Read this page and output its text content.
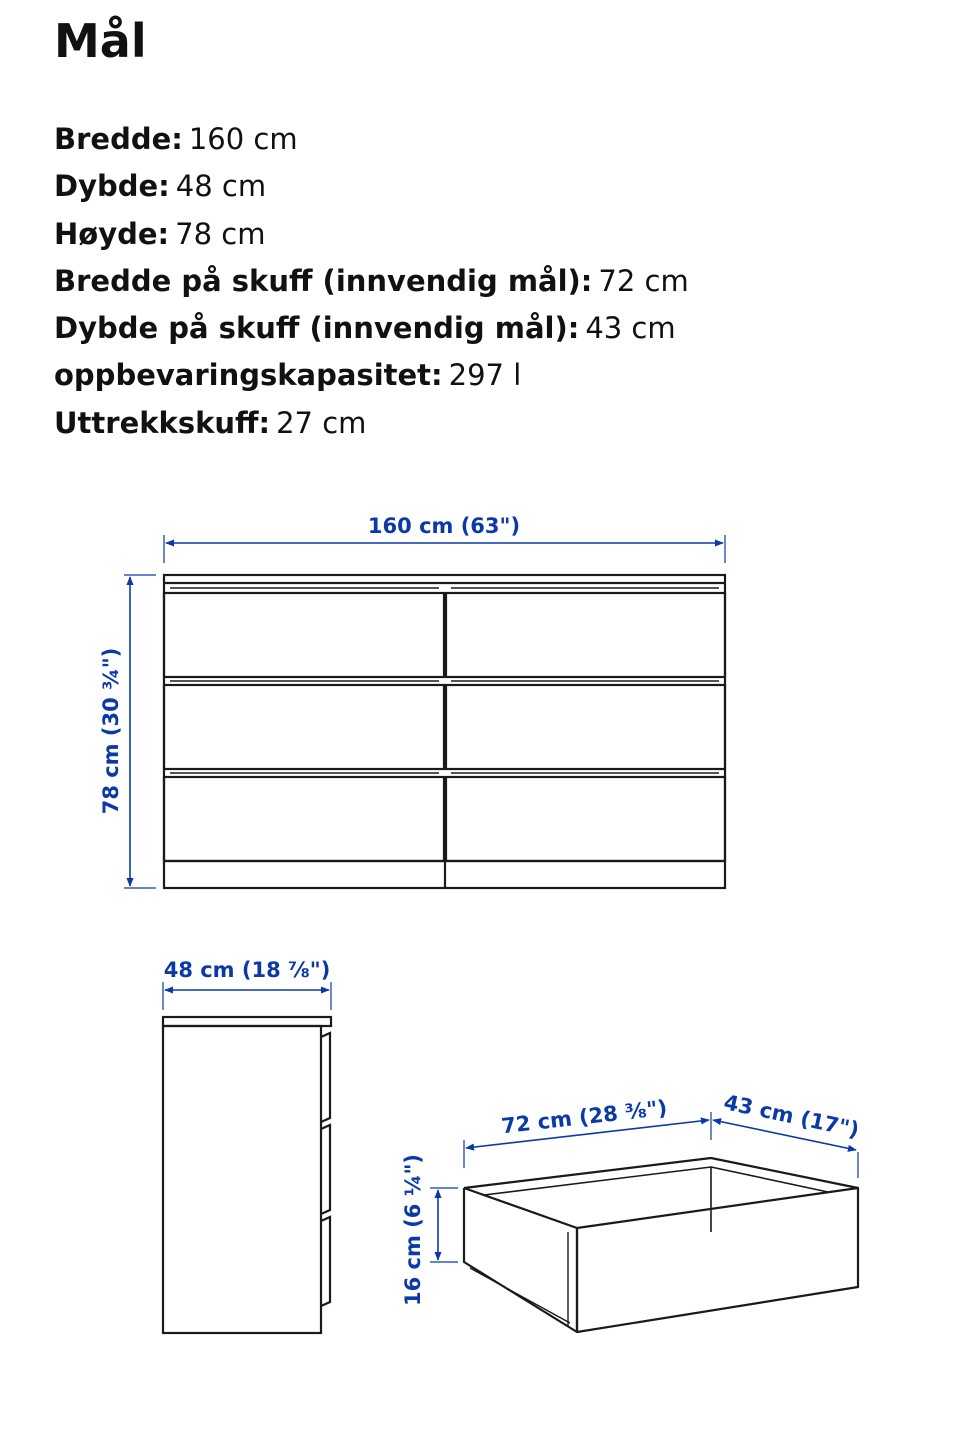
Mål
Bredde: 160 cm
Dybde: 48 cm
Høyde: 78 cm
Bredde på skuff (innvendig mål): 72 cm
Dybde på skuff (innvendig mål): 43 cm
oppbevaringskapasitet: 297 l
Uttrekkskuff: 27 cm
160 cm (63")
78 cm (30 ¾")
48 cm (18 ⅞")
72 cm (28 ⅜")	43 cm (17")
16 cm (6 ¼")
